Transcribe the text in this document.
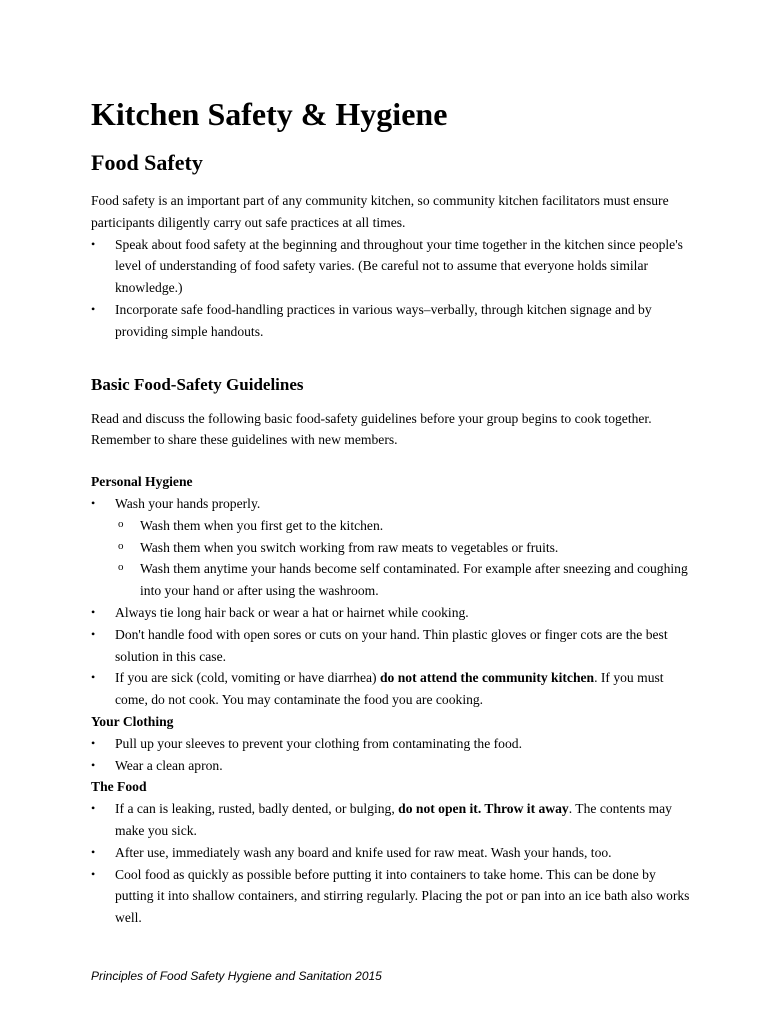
Kitchen Safety & Hygiene
Food Safety

Food safety is an important part of any community kitchen, so community kitchen facilitators must ensure participants diligently carry out safe practices at all times.

• Speak about food safety at the beginning and throughout your time together in the kitchen since people's level of understanding of food safety varies. (Be careful not to assume that everyone holds similar knowledge.)
• Incorporate safe food-handling practices in various ways–verbally, through kitchen signage and by providing simple handouts.
Basic Food-Safety Guidelines

Read and discuss the following basic food-safety guidelines before your group begins to cook together. Remember to share these guidelines with new members.

Personal Hygiene
• Wash your hands properly.
o Wash them when you first get to the kitchen.
o Wash them when you switch working from raw meats to vegetables or fruits.
o Wash them anytime your hands become self contaminated. For example after sneezing and coughing into your hand or after using the washroom.
• Always tie long hair back or wear a hat or hairnet while cooking.
• Don't handle food with open sores or cuts on your hand. Thin plastic gloves or finger cots are the best solution in this case.
• If you are sick (cold, vomiting or have diarrhea) do not attend the community kitchen. If you must come, do not cook. You may contaminate the food you are cooking.
Your Clothing
• Pull up your sleeves to prevent your clothing from contaminating the food.
• Wear a clean apron.
The Food
• If a can is leaking, rusted, badly dented, or bulging, do not open it. Throw it away. The contents may make you sick.
• After use, immediately wash any board and knife used for raw meat. Wash your hands, too.
• Cool food as quickly as possible before putting it into containers to take home. This can be done by putting it into shallow containers, and stirring regularly. Placing the pot or pan into an ice bath also works well.
Principles of Food Safety Hygiene and Sanitation 2015
